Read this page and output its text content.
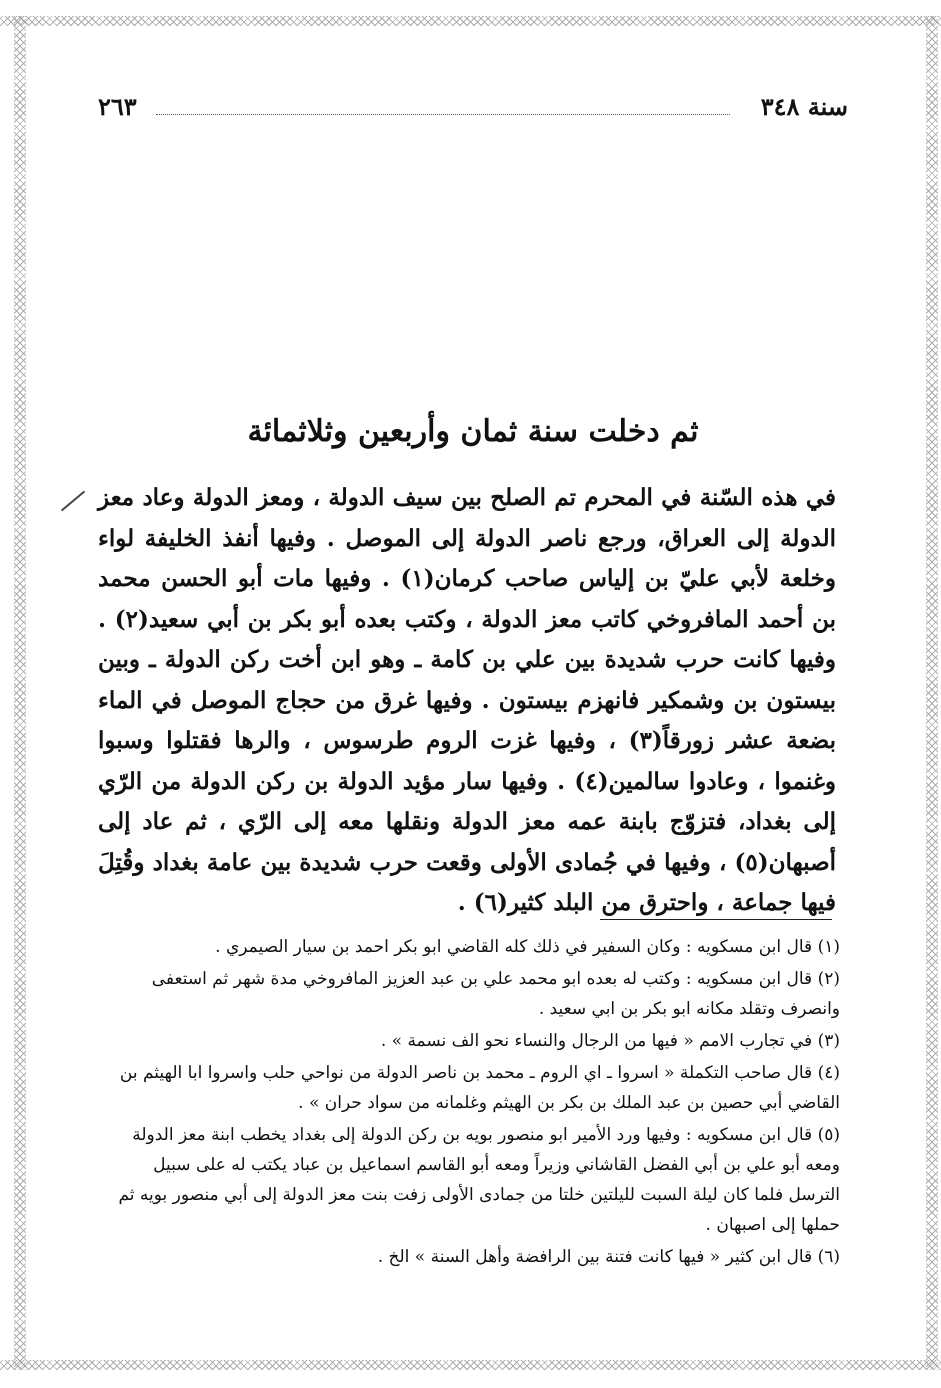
سنة ٣٤٨
٢٦٣
ثم دخلت سنة ثمان وأربعين وثلاثمائة
في هذه السّنة في المحرم تم الصلح بين سيف الدولة ، ومعز الدولة وعاد معز الدولة إلى العراق، ورجع ناصر الدولة إلى الموصل . وفيها أنفذ الخليفة لواء وخلعة لأبي عليّ بن إلياس صاحب كرمان(١) . وفيها مات أبو الحسن محمد بن أحمد المافروخي كاتب معز الدولة ، وكتب بعده أبو بكر بن أبي سعيد(٢) . وفيها كانت حرب شديدة بين علي بن كامة ـ وهو ابن أخت ركن الدولة ـ وبين بيستون بن وشمكير فانهزم بيستون . وفيها غرق من حجاج الموصل في الماء بضعة عشر زورقاً(٣) ، وفيها غزت الروم طرسوس ، والرها فقتلوا وسبوا وغنموا ، وعادوا سالمين(٤) . وفيها سار مؤيد الدولة بن ركن الدولة من الرّي إلى بغداد، فتزوّج بابنة عمه معز الدولة ونقلها معه إلى الرّي ، ثم عاد إلى أصبهان(٥) ، وفيها في جُمادى الأولى وقعت حرب شديدة بين عامة بغداد وقُتِلَ فيها جماعة ، واحترق من البلد كثير(٦) .

(١) قال ابن مسكويه : وكان السفير في ذلك كله القاضي ابو بكر احمد بن سيار الصيمري .

(٢) قال ابن مسكويه : وكتب له بعده ابو محمد علي بن عبد العزيز المافروخي مدة شهر ثم استعفى وانصرف وتقلد مكانه ابو بكر بن ابي سعيد .

(٣) في تجارب الامم « فيها من الرجال والنساء نحو الف نسمة » .

(٤) قال صاحب التكملة « اسروا ـ اي الروم ـ محمد بن ناصر الدولة من نواحي حلب واسروا ابا الهيثم بن القاضي أبي حصين بن عبد الملك بن بكر بن الهيثم وغلمانه من سواد حران » .

(٥) قال ابن مسكويه : وفيها ورد الأمير ابو منصور بويه بن ركن الدولة إلى بغداد يخطب ابنة معز الدولة ومعه أبو علي بن أبي الفضل القاشاني وزيراً ومعه أبو القاسم اسماعيل بن عباد يكتب له على سبيل الترسل فلما كان ليلة السبت لليلتين خلتا من جمادى الأولى زفت بنت معز الدولة إلى أبي منصور بويه ثم حملها إلى اصبهان .

(٦) قال ابن كثير « فيها كانت فتنة بين الرافضة وأهل السنة » الخ .
